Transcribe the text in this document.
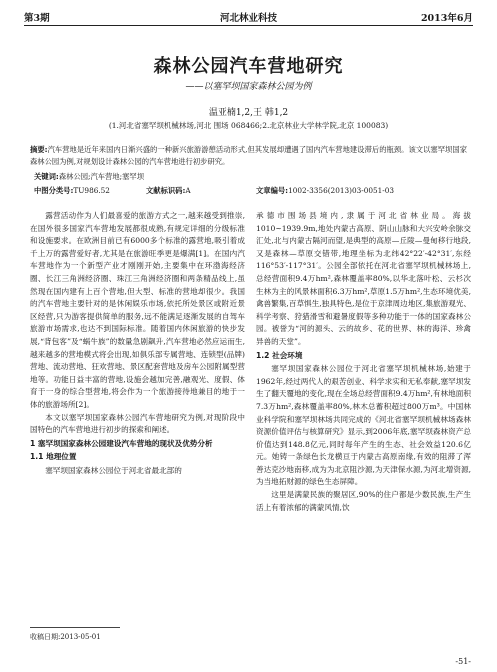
第3期	河北林业科技	2013年6月
森林公园汽车营地研究
——以塞罕坝国家森林公园为例
温亚楠1,2,王 韩1,2
(1.河北省塞罕坝机械林场,河北 围场 068466;2.北京林业大学林学院,北京 100083)
摘要:汽车营地是近年来国内日渐兴盛的一种新兴旅游游憩活动形式,但其发展却遭遇了国内汽车营地建设滞后的瓶颈。该文以塞罕坝国家森林公园为例,对规划设计森林公园的汽车营地进行初步研究。
关键词:森林公园;汽车营地;塞罕坝
中图分类号:TU986.52	文献标识码:A	文章编号:1002-3356(2013)03-0051-03

露营活动作为人们最喜爱的旅游方式之一,越来越受到推崇,在国外很多国家汽车营地发展都很成熟,有规定详细的分级标准和设施要求。在欧洲目前已有6000多个标准的露营地,吸引着成千上万的露营爱好者,尤其是在旅游旺季更是爆满[1]。在国内汽车营地作为一个新型产业才刚刚开始,主要集中在环渤海经济圈、长江三角洲经济圈、珠江三角洲经济圈和两条精品线上,虽然现在国内建有上百个营地,但大型、标准的营地却很少。我国的汽车营地主要针对的是休闲娱乐市场,依托所处景区或附近景区经营,只为游客提供简单的服务,远不能满足逐渐发展的自驾车旅游市场需求,也达不到国际标准。随着国内休闲旅游的快步发展,“背包客”及“蜗牛族”的数量急剧飙升,汽车营地必然应运而生,越来越多的营地模式将会出现,如俱乐部专属营地、连锁型(品牌)营地、流动营地、狂欢营地、景区配套营地及房车公园附属型营地等。功能日益丰富的营地,设施会越加完善,融观光、度假、体育于一身的综合型营地,将会作为一个旅游接待地兼目的地于一体的旅游场所[2]。

本文以塞罕坝国家森林公园汽车营地研究为例,对现阶段中国特色的汽车营地进行初步的探索和阐述。

1 塞罕坝国家森林公园建设汽车营地的现状及优势分析
1.1 地理位置

塞罕坝国家森林公园位于河北省最北部的

收稿日期:2013-05-01

承德市围场县境内,隶属于河北省林业局。海拔1010~1939.9m,地处内蒙古高原、阴山山脉和大兴安岭余脉交汇处,北与内蒙古隔河而望,是典型的高原—丘陵—曼甸移行地段,又是森林—草原交错带,地理坐标为北纬42°22′-42°31′,东经116°53′-117°31′。公园全部依托在河北省塞罕坝机械林场上,总经营面积9.4万hm²,森林覆盖率80%,以华北落叶松、云杉次生林为主的风景林面积6.3万hm²,草原1.5万hm²,生态环境优美,禽兽繁集,百草惧生,独具特色,是位于京津周边地区,集旅游观光、科学考察、狩猎滑雪和避暑度假等多种功能于一体的国家森林公园。被誉为“河的源头、云的故乡、花的世界、林的海洋、珍禽异兽的天堂”。

1.2 社会环境

塞罕坝国家森林公园位于河北省塞罕坝机械林场,始建于1962年,经过两代人的艰苦创业、科学求实和无私奉献,塞罕坝发生了翻天覆地的变化,现在全场总经营面积9.4万hm²,有林地面积7.3万hm²,森林覆盖率80%,林木总蓄积超过800万m³。中国林业科学院和塞罕坝林场共同完成的《河北省塞罕坝机械林场森林资源价值评估与核算研究》显示,到2006年底,塞罕坝森林资产总价值达到148.8亿元,同时每年产生的生态、社会效益120.6亿元。她铸一条绿色长龙横亘于内蒙古高原南缘,有效的阻滞了浑善达克沙地南移,成为为北京阻沙源,为天津保水源,为河北增资源,为当地拓财源的绿色生态屏障。

这里是满蒙民族的聚居区,90%的住户都是少数民族,生产生活上有着浓郁的满蒙风情,饮

-51-
